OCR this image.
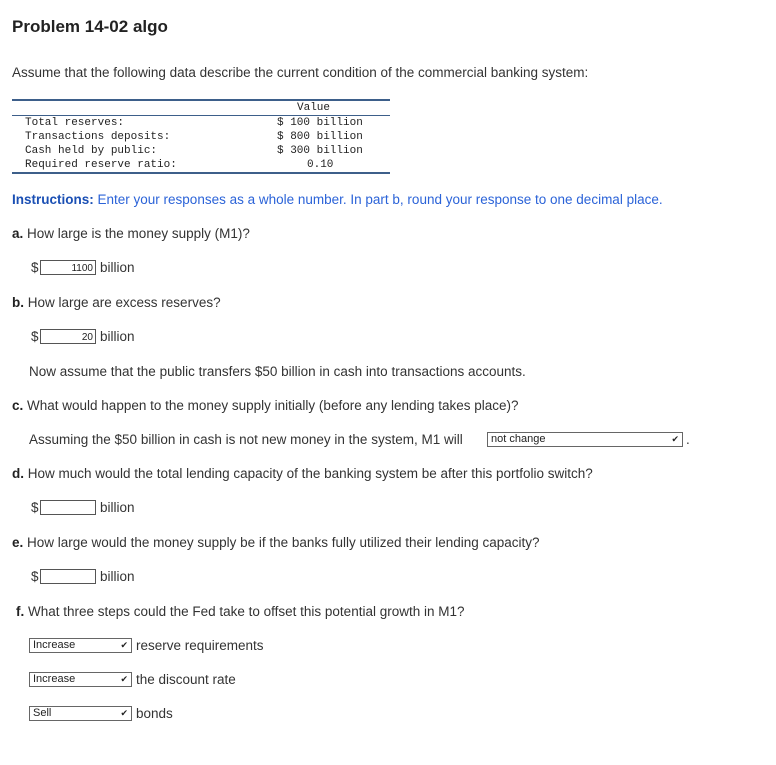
Problem 14-02 algo
Assume that the following data describe the current condition of the commercial banking system:
Value
Total reserves:	$ 100 billion
Transactions deposits:	$ 800 billion
Cash held by public:	$ 300 billion
Required reserve ratio:	0.10
Instructions: Enter your responses as a whole number. In part b, round your response to one decimal place.
a. How large is the money supply (M1)?
$	1100 billion
b. How large are excess reserves?
$	20 billion
Now assume that the public transfers $50 billion in cash into transactions accounts.
c. What would happen to the money supply initially (before any lending takes place)?
Assuming the $50 billion in cash is not new money in the system, M1 will	not change	✔ .
d. How much would the total lending capacity of the banking system be after this portfolio switch?
$	billion
e. How large would the money supply be if the banks fully utilized their lending capacity?
$	billion
f. What three steps could the Fed take to offset this potential growth in M1?
Increase	✔ reserve requirements
Increase	✔ the discount rate
Sell	✔ bonds
